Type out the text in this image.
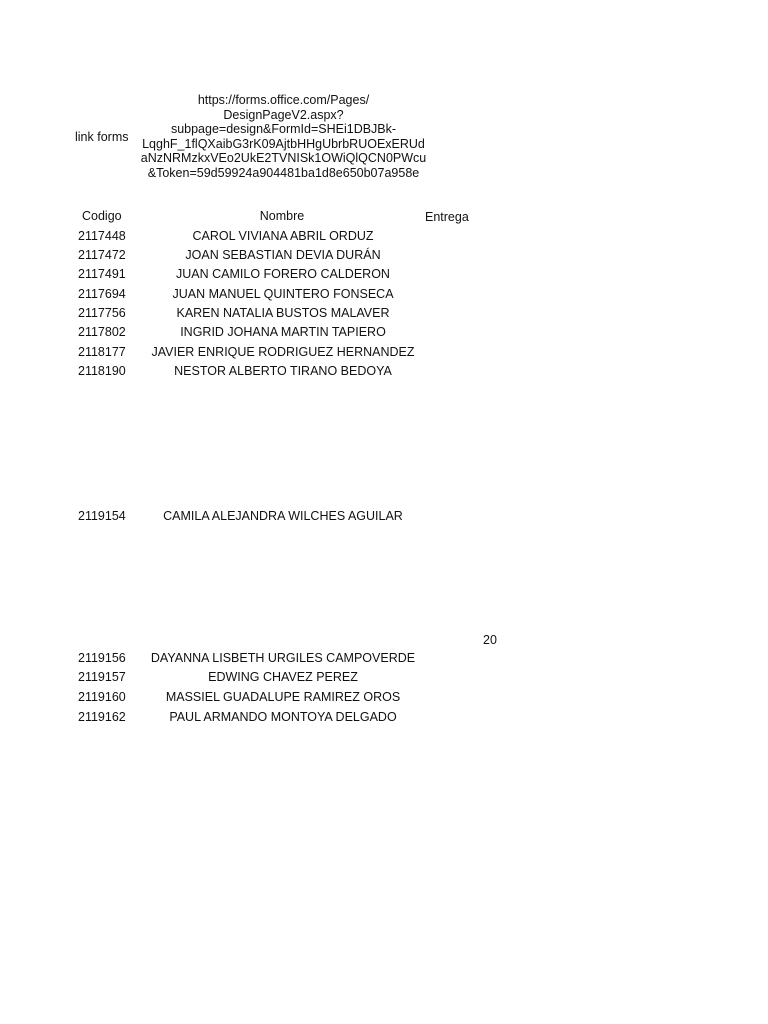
link forms
https://forms.office.com/Pages/
DesignPageV2.aspx?
subpage=design&FormId=SHEi1DBJBk-
LqghF_1flQXaibG3rK09AjtbHHgUbrbRUOExERUd
aNzNRMzkxVEo2UkE2TVNISk1OWiQlQCN0PWcu
&Token=59d59924a904481ba1d8e650b07a958e
Codigo	Nombre	Entrega
2117448	CAROL VIVIANA ABRIL ORDUZ
2117472	JOAN SEBASTIAN DEVIA DURÁN
2117491	JUAN CAMILO FORERO CALDERON
2117694	JUAN MANUEL QUINTERO FONSECA
2117756	KAREN NATALIA BUSTOS MALAVER
2117802	INGRID JOHANA MARTIN TAPIERO
2118177 JAVIER ENRIQUE RODRIGUEZ HERNANDEZ
2118190	NESTOR ALBERTO TIRANO BEDOYA
2119154	CAMILA ALEJANDRA WILCHES AGUILAR
20
2119156 DAYANNA LISBETH URGILES CAMPOVERDE
2119157	EDWING CHAVEZ PEREZ
2119160	MASSIEL GUADALUPE RAMIREZ OROS
2119162	PAUL ARMANDO MONTOYA DELGADO
